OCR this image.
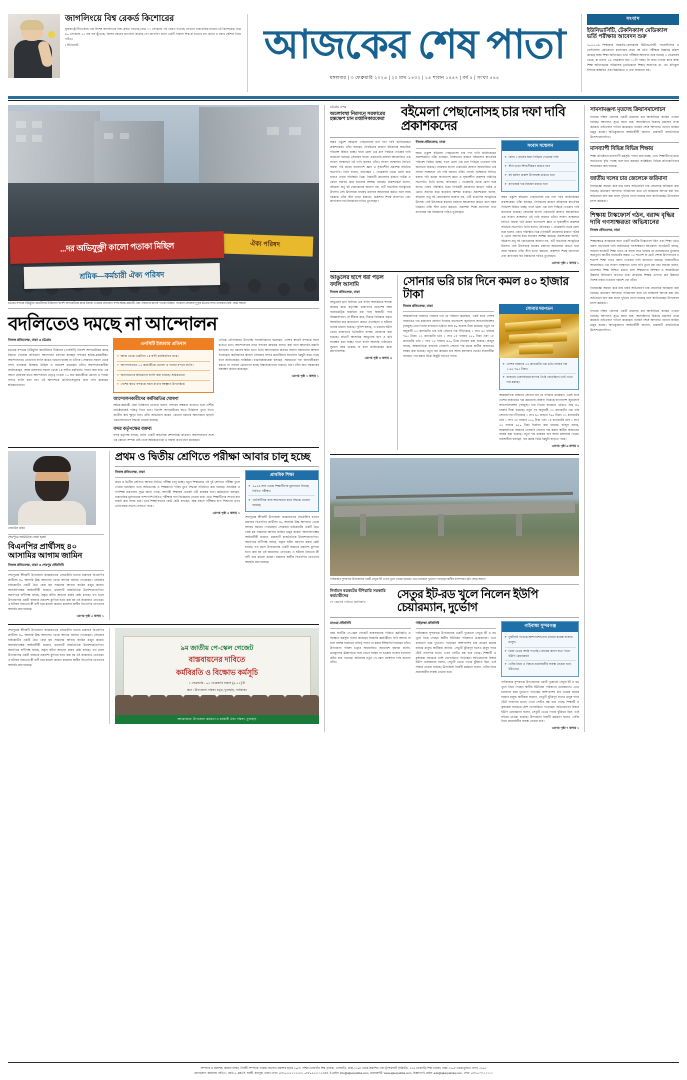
জাগলিংয়ে বিশ্ব রেকর্ড কিশোরের
যুক্তরাষ্ট্রে টিনএজার এক বিশেষ জাগলিংয়ে বিশ্ব রেকর্ড গড়েছে। মাত্র ১১ সেকেন্ডে এই রেকর্ড গড়েছে সেখানে ধারাবাহিক নামের এই কিশোরের। মাত্র ৬০ সেকেন্ডে ৫২ বার বল ছুঁড়েছে, বিশেষ ধরনের জাগলিং করেছে সে। জাগলিং হলো একটি সার্কাস শিল্প যা হাতের বল ছোড়া ও ধরার কৌশল নিয়ে গঠিত।
• ইন্টারনেট	আজকের শেষ পাতা
মঙ্গলবার | ৩ ফেব্রুয়ারি ২০২৬ | ২০ মাঘ ১৪৩২ | ১৪ শাবান ১৪৪৭ | বর্ষ ৫ | সংখ্যা ৫৪৫
সংবাদ
ইউনিভার্সিটি, টেকনিক্যাল মেডিক্যাল ভর্তি পরীক্ষার আবেদন শুরু
২০২৫-২৬ শিক্ষাবর্ষে সরকারি-বেসরকারি ইউনিভার্সিটি, সায়েন্টিফিক ও ডেন্টালসহ মেডিক্যাল কলেজের প্রথম বর্ষ ভর্তি পরীক্ষার বিজ্ঞপ্তি প্রকাশ করেছে স্বাস্থ্য শিক্ষা অধিদপ্তর। ভর্তি পরীক্ষার আবেদন শুরু হয়েছে ২ ফেব্রুয়ারি থেকে, যা চলবে ১৬ ফেব্রুয়ারি রাত ১১টা পর্যন্ত। ফি জমা দেওয়া যাবে স্বাস্থ্য শিক্ষা অধিদপ্তরের পরিচালক (মেডিক্যাল শিক্ষা) অধ্যাপক ডা. মো. রফিকুল ইসলাম স্বাক্ষরিত এক বিজ্ঞপ্তিতে এ তথ্য জানানো হয়।
ঐক্য পরিষদ
...দর অভিযুক্ত্রী কালো পতাকা মিছিল
শ্রমিক—কর্মচারী ঐক্য পরিষদ
চট্টগ্রাম বন্দরের নিউমুরিং কনটেইনার টার্মিনাল বিদেশি অপারেটরের কাছে ইজারা দেওয়ার প্রতিবাদে বন্দর শ্রমিক-কর্মচারী ঐক্য পরিষদের কালো পতাকা মিছিল। গতকাল সোমবার দুপুরে চট্টগ্রাম বন্দর এলাকায়। ছবি: প্রথম আলো
বদলিতেও দমছে না আন্দোলন
নিজস্ব প্রতিবেদক, ঢাকা ও চট্টগ্রাম
চট্টগ্রাম বন্দরের নিউমুরিং কনটেইনার টার্মিনাল (এনসিটি) বিদেশি অপারেটরের কাছে ইজারা দেওয়ার প্রতিবাদে আন্দোলন চালিয়ে যাচ্ছেন বন্দরের শ্রমিক-কর্মচারীরা। আন্দোলনরত নেতাদের বদলি করেও দমানো যাচ্ছে না তাঁদের। সোমবার সকাল থেকে বন্দর এলাকায় বিক্ষোভ মিছিল ও সমাবেশ করেছেন তাঁরা। আন্দোলনকারীরা জানিয়েছেন, আজ মঙ্গলবার সকাল থেকে ২৪ ঘণ্টার কর্মবিরতি পালন করা হবে। এর আগে রোববার রাতে আন্দোলনে নেতৃত্ব দেওয়া ১৫ জন কর্মচারীকে মোংলা ও পায়রা বন্দরে বদলি করা হয়। এই আদেশকে প্রতিহিংসামূলক বলে দাবি করেছেন শ্রমিকনেতারা।
এনসিটি ইজারার প্রতিবাদ
» আজ থেকে একটানা ২৪ ঘণ্টা কর্মবিরতির ডাক।
» আন্দোলনরত ১৫ কর্মচারীকে মোংলা ও পায়রা বন্দরে বদলি।
» অন্যায়ভাবে শ্রমিকদের বদলি করা হয়েছে: শ্রমিকনেতা
» দেশের স্বার্থে বন্দরকে সচল রাখার আহ্বান উপদেষ্টার।
আন্দোলনকারীদের কর্মবিরতির ঘোষণা
শ্রমিক-কর্মচারী ঐক্য পরিষদের নেতারা বলেন, বন্দরের সক্ষমতা বাড়াতে হলে দেশীয় প্রতিষ্ঠানকেই দায়িত্ব দিতে হবে। বিদেশি অপারেটরের হাতে টার্মিনাল তুলে দিলে জাতীয় স্বার্থ ক্ষুণ্ন হবে। তাঁরা অভিযোগ করেন, কোনো ধরনের আলোচনা ছাড়াই একতরফাভাবে সিদ্ধান্ত নেওয়া হয়েছে।
বন্দর কর্তৃপক্ষের বক্তব্য
বন্দর কর্তৃপক্ষ বলছে, বদলি একটি স্বাভাবিক প্রশাসনিক প্রক্রিয়া। আন্দোলনের সঙ্গে এর কোনো সম্পর্ক নেই। তবে শ্রমিকনেতারা এ বক্তব্য প্রত্যাখ্যান করেছেন।
এদিকে নৌপরিবহন উপদেষ্টা সাংবাদিকদের বলেছেন, দেশের স্বার্থেই বন্দরকে সচল রাখতে হবে। আন্দোলনের নামে বন্দরের কার্যক্রম ব্যাহত করা হলে আমদানি-রপ্তানি বাণিজ্যে বড় ধরনের ক্ষতি হবে। তিনি আলোচনার মাধ্যমে সমস্যা সমাধানের আশ্বাস দিয়েছেন। কর্মবিরতির কারণে সোমবার বন্দরে কনটেইনার হ্যান্ডলিং কিছুটা কমে গেছে বলে জানিয়েছেন সংশ্লিষ্টরা। রপ্তানিকারকেরা বলছেন, সময়মতো পণ্য জাহাজীকরণ করতে না পারলে ক্রেতাদের কাছে বিশ্বাসযোগ্যতা হারাতে হবে। তাঁরা দ্রুত সরকারের হস্তক্ষেপ কামনা করেছেন।
এরপর পৃষ্ঠা ২ কলাম ১
রেজাউল করিম
শেরপুরে জামায়াত নেতা হত্যা
বিএনপির প্রার্থীসহ ৪০ আসামির আগাম জামিন
নিজস্ব প্রতিবেদক, ঢাকা ও শেরপুর প্রতিনিধি
শেরপুরের শ্রীবরদী উপজেলা জামায়াতের সেক্রেটারি হত্যার মামলায় বিএনপির প্রার্থীসহ ৪০ আসামি উচ্চ আদালত থেকে আগাম জামিন পেয়েছেন। সোমবার হাইকোর্টের একটি দ্বৈত বেঞ্চ ছয় সপ্তাহের আগাম জামিন মঞ্জুর করেন। আসামিপক্ষের আইনজীবী জানান, মামলাটি রাজনৈতিক উদ্দেশ্যপ্রণোদিত। অন্যদিকে বাদীপক্ষ বলছে, প্রকৃত ঘটনা আড়াল করার চেষ্টা চলছে। গত মাসে উপজেলার একটি বাজারে প্রকাশ্যে কুপিয়ে হত্যা করা হয় ওই জামায়াত নেতাকে। এ ঘটনায় নিহতের স্ত্রী বাদী হয়ে মামলা করেন। মামলায় স্থানীয় বিএনপির নেতাদের আসামি করা হয়েছে।
এরপর পৃষ্ঠা ৫ কলাম ১
প্রথম ও দ্বিতীয় শ্রেণিতে পরীক্ষা আবার চালু হচ্ছে
নিজস্ব প্রতিবেদক, ঢাকা
প্রথম ও দ্বিতীয় শ্রেণিতে আবার লিখিত পরীক্ষা চালু হচ্ছে। নতুন শিক্ষাক্রমে এই দুই শ্রেণিতে পরীক্ষা তুলে দেওয়া হয়েছিল। তবে অভিভাবক ও শিক্ষকদের দাবির মুখে সিদ্ধান্ত পরিবর্তন করা হয়েছে। প্রাথমিক ও গণশিক্ষা মন্ত্রণালয় সূত্রে জানা গেছে, আগামী শিক্ষাবর্ষ থেকেই এটি কার্যকর হবে। কর্মকর্তারা বলছেন, ধারাবাহিক মূল্যায়নের পাশাপাশি লিখিত পরীক্ষার ফল বিবেচনায় নেওয়া হবে। এতে শিক্ষার্থীদের শেখার মান যাচাই করা সহজ হবে। তবে শিক্ষাবিদদের কেউ কেউ বলছেন, অল্প বয়সে পরীক্ষার চাপ শিশুদের ওপর নেতিবাচক প্রভাব ফেলতে পারে।
এরপর পৃষ্ঠা ৩ কলাম ২
প্রাথমিক শিক্ষা
» ২০২৬ সাল থেকে শিক্ষার্থীদের মূল্যায়নে ফিরছে লিখিত পরীক্ষা।
» এনসিটিবির সঙ্গে আলোচনা করে সিদ্ধান্ত নেওয়া হয়েছে।
শেরপুরের শ্রীবরদী উপজেলা জামায়াতের সেক্রেটারি হত্যার মামলায় বিএনপির প্রার্থীসহ ৪০ আসামি উচ্চ আদালত থেকে আগাম জামিন পেয়েছেন। সোমবার হাইকোর্টের একটি দ্বৈত বেঞ্চ ছয় সপ্তাহের আগাম জামিন মঞ্জুর করেন। আসামিপক্ষের আইনজীবী জানান, মামলাটি রাজনৈতিক উদ্দেশ্যপ্রণোদিত। অন্যদিকে বাদীপক্ষ বলছে, প্রকৃত ঘটনা আড়াল করার চেষ্টা চলছে। গত মাসে উপজেলার একটি বাজারে প্রকাশ্যে কুপিয়ে হত্যা করা হয় ওই জামায়াত নেতাকে। এ ঘটনায় নিহতের স্ত্রী বাদী হয়ে মামলা করেন। মামলায় স্থানীয় বিএনপির নেতাদের আসামি করা হয়েছে।
শেরপুরের শ্রীবরদী উপজেলা জামায়াতের সেক্রেটারি হত্যার মামলায় বিএনপির প্রার্থীসহ ৪০ আসামি উচ্চ আদালত থেকে আগাম জামিন পেয়েছেন। সোমবার হাইকোর্টের একটি দ্বৈত বেঞ্চ ছয় সপ্তাহের আগাম জামিন মঞ্জুর করেন। আসামিপক্ষের আইনজীবী জানান, মামলাটি রাজনৈতিক উদ্দেশ্যপ্রণোদিত। অন্যদিকে বাদীপক্ষ বলছে, প্রকৃত ঘটনা আড়াল করার চেষ্টা চলছে। গত মাসে উপজেলার একটি বাজারে প্রকাশ্যে কুপিয়ে হত্যা করা হয় ওই জামায়াত নেতাকে। এ ঘটনায় নিহতের স্ত্রী বাদী হয়ে মামলা করেন। মামলায় স্থানীয় বিএনপির নেতাদের আসামি করা হয়েছে।
৯ম জাতীয় পে-স্কেল গেজেট
বাস্তবায়নের দাবিতে
কর্মবিরতি ও বিক্ষোভ কর্মসূচি
১ ফেব্রুয়ারি - ০৫ ফেব্রুয়ারি সকাল (৯-১২) টা
স্থান : উপজেলা পরিষদ চত্বর, ফুলছড়ি, গাইবান্ধা
আয়োজনে: উপজেলা কর্মকর্তা ও কর্মচারী ঐক্য পরিষদ, ফুলছড়ি
চট্টগ্রাম বন্দর
অচলাবস্থা নিরসনে সরকারের হস্তক্ষেপ চান রপ্তানিকারকেরা
বইমেলা পেছানোসহ চার দফা দাবি প্রকাশকদের
অমর একুশে বইমেলা পেছানোসহ চার দফা দাবি জানিয়েছেন প্রকাশকেরা। তাঁরা বলছেন, নির্বাচনের কারণে বইমেলার স্বাভাবিক পরিবেশ বিঘ্নিত হচ্ছে। ফলে মেলা এক মাস পিছিয়ে দেওয়ার দাবি জানানো হয়েছে। সোমবার বাংলা একাডেমি প্রাঙ্গণে আয়োজিত এক সংবাদ সম্মেলনে এই দাবি জানান তাঁরা। সংবাদ সম্মেলনে লিখিত বক্তব্য পাঠ করেন বাংলাদেশ জ্ঞান ও সৃজনশীল প্রকাশক সমিতির সভাপতি। তিনি বলেন, প্রতিবছর ১ ফেব্রুয়ারি থেকে মেলা শুরু হলেও এবার পরিস্থিতি ভিন্ন। নির্বাচনী প্রচারণার কারণে পাঠক ও ক্রেতা সমাগম কমে যাওয়ার আশঙ্কা রয়েছে। প্রকাশকেরা বলেন, বইমেলা শুধু বই বেচাকেনার জায়গা নয়, এটি বাঙালির সাংস্কৃতিক উৎসব। সেই উৎসবকে যথাযথ মর্যাদায় আয়োজন করতে হলে সময় দরকার। তাঁরা স্টল ভাড়া কমানো, প্রকাশনা শিল্পে প্রণোদনা এবং কাগজের দাম নিয়ন্ত্রণের দাবিও তুলেছেন।
নিজস্ব প্রতিবেদক, ঢাকা
অমর একুশে বইমেলা পেছানোসহ চার দফা দাবি জানিয়েছেন প্রকাশকেরা। তাঁরা বলছেন, নির্বাচনের কারণে বইমেলার স্বাভাবিক পরিবেশ বিঘ্নিত হচ্ছে। ফলে মেলা এক মাস পিছিয়ে দেওয়ার দাবি জানানো হয়েছে। সোমবার বাংলা একাডেমি প্রাঙ্গণে আয়োজিত এক সংবাদ সম্মেলনে এই দাবি জানান তাঁরা। সংবাদ সম্মেলনে লিখিত বক্তব্য পাঠ করেন বাংলাদেশ জ্ঞান ও সৃজনশীল প্রকাশক সমিতির সভাপতি। তিনি বলেন, প্রতিবছর ১ ফেব্রুয়ারি থেকে মেলা শুরু হলেও এবার পরিস্থিতি ভিন্ন। নির্বাচনী প্রচারণার কারণে পাঠক ও ক্রেতা সমাগম কমে যাওয়ার আশঙ্কা রয়েছে। প্রকাশকেরা বলেন, বইমেলা শুধু বই বেচাকেনার জায়গা নয়, এটি বাঙালির সাংস্কৃতিক উৎসব। সেই উৎসবকে যথাযথ মর্যাদায় আয়োজন করতে হলে সময় দরকার। তাঁরা স্টল ভাড়া কমানো, প্রকাশনা শিল্পে প্রণোদনা এবং কাগজের দাম নিয়ন্ত্রণের দাবিও তুলেছেন।
সংবাদ সম্মেলন
» মেলা ১ মাসের জন্য পিছিয়ে দেওয়ার দাবি
» স্টল ভাড়া শিথিলীকরণ করতে হবে
» বই জরিপ প্রকাশ উপলক্ষে থাকতে হবে
» কাগজের দাম নিয়ন্ত্রণ করতে হবে
অমর একুশে বইমেলা পেছানোসহ চার দফা দাবি জানিয়েছেন প্রকাশকেরা। তাঁরা বলছেন, নির্বাচনের কারণে বইমেলার স্বাভাবিক পরিবেশ বিঘ্নিত হচ্ছে। ফলে মেলা এক মাস পিছিয়ে দেওয়ার দাবি জানানো হয়েছে। সোমবার বাংলা একাডেমি প্রাঙ্গণে আয়োজিত এক সংবাদ সম্মেলনে এই দাবি জানান তাঁরা। সংবাদ সম্মেলনে লিখিত বক্তব্য পাঠ করেন বাংলাদেশ জ্ঞান ও সৃজনশীল প্রকাশক সমিতির সভাপতি। তিনি বলেন, প্রতিবছর ১ ফেব্রুয়ারি থেকে মেলা শুরু হলেও এবার পরিস্থিতি ভিন্ন। নির্বাচনী প্রচারণার কারণে পাঠক ও ক্রেতা সমাগম কমে যাওয়ার আশঙ্কা রয়েছে। প্রকাশকেরা বলেন, বইমেলা শুধু বই বেচাকেনার জায়গা নয়, এটি বাঙালির সাংস্কৃতিক উৎসব। সেই উৎসবকে যথাযথ মর্যাদায় আয়োজন করতে হলে সময় দরকার। তাঁরা স্টল ভাড়া কমানো, প্রকাশনা শিল্পে প্রণোদনা এবং কাগজের দাম নিয়ন্ত্রণের দাবিও তুলেছেন।
এরপর পৃষ্ঠা ২ কলাম ১
আঙুলের ছাপে ধরা পড়ল বদলি আসামি
নিজস্ব প্রতিবেদক, ঢাকা
আঙুলের ছাপ মিলিয়ে এক বদলি আসামিকে শনাক্ত করেছে কারা কর্তৃপক্ষ। কারাগারে প্রবেশের সময় বায়োমেট্রিক যাচাইয়ে ধরা পড়ে বিষয়টি। পরে জিজ্ঞাসাবাদে সে স্বীকার করে, টাকার বিনিময়ে প্রকৃত আসামির হয়ে কারাভোগ করতে এসেছিল। এ ঘটনায় থানায় মামলা হয়েছে। পুলিশ বলছে, এ ধরনের ঘটনা রোধে কারাগারে ডিজিটাল ব্যবস্থা জোরদার করা হয়েছে। প্রতিটি আসামির আঙুলের ছাপ ও ছবি সংরক্ষণ করা হচ্ছে। ফলে বদলি আসামি পাঠানোর সুযোগ আর থাকছে না বলে জানিয়েছেন কারা মহাপরিদর্শক।
এরপর পৃষ্ঠা ৪ কলাম ৩
সোনার ভরি চার দিনে কমল ৪০ হাজার টাকা
নিজস্ব প্রতিবেদক, ঢাকা
আন্তর্জাতিক বাজারে সোনার দাম যে পরিমাণ কমেছিল, একই হারে দেশের বাজারেও দাম কমানোর ঘোষণা দিয়েছে বাংলাদেশ জুয়েলার্স অ্যাসোসিয়েশন (বাজুস)। চার দিনের ব্যবধানে ভরিতে প্রায় ৪০ হাজার টাকা কমেছে। নতুন দর অনুযায়ী ২২ ক্যারেটের এক ভরি সোনার দাম দাঁড়িয়েছে ১ লাখ ৬৫ হাজার ৭৯৫ টাকা। ২১ ক্যারেটের ভরি ১ লাখ ৫৮ হাজার ২৫০ টাকা এবং ১৮ ক্যারেটের ভরি ১ লাখ ৩৫ হাজার ৬৫০ টাকা নির্ধারণ করা হয়েছে। বাজুস বলছে, আন্তর্জাতিক বাজারে তেজাবি সোনার দাম কমায় স্থানীয় বাজারেও সমন্বয় করা হয়েছে। নতুন দাম কার্যকর হবে আজ মঙ্গলবার থেকে। ব্যবসায়ীরা বলছেন, দাম কমায় বিক্রি কিছুটা বাড়তে পারে।
সোনার দরপতন
» দেশের বাজারে ২২ ক্যারেটের এক ভরি সোনার দাম ১,৬৫,৭৯৫ টাকা।
» বাজারে একপর্যায়ের ব্যাপক তৈরি বেড়েছিল। তাই এখন দাম কমছে।
আন্তর্জাতিক বাজারে সোনার দাম যে পরিমাণ কমেছিল, একই হারে দেশের বাজারেও দাম কমানোর ঘোষণা দিয়েছে বাংলাদেশ জুয়েলার্স অ্যাসোসিয়েশন (বাজুস)। চার দিনের ব্যবধানে ভরিতে প্রায় ৪০ হাজার টাকা কমেছে। নতুন দর অনুযায়ী ২২ ক্যারেটের এক ভরি সোনার দাম দাঁড়িয়েছে ১ লাখ ৬৫ হাজার ৭৯৫ টাকা। ২১ ক্যারেটের ভরি ১ লাখ ৫৮ হাজার ২৫০ টাকা এবং ১৮ ক্যারেটের ভরি ১ লাখ ৩৫ হাজার ৬৫০ টাকা নির্ধারণ করা হয়েছে। বাজুস বলছে, আন্তর্জাতিক বাজারে তেজাবি সোনার দাম কমায় স্থানীয় বাজারেও সমন্বয় করা হয়েছে। নতুন দাম কার্যকর হবে আজ মঙ্গলবার থেকে। ব্যবসায়ীরা বলছেন, দাম কমায় বিক্রি কিছুটা বাড়তে পারে।
এরপর পৃষ্ঠা ৬ কলাম ৪
গাইবান্ধার সুন্দরগঞ্জ উপজেলার একটি সেতুর ইট ও রড খুলে নেওয়া হয়েছে। এতে চলাচলে দুর্ভোগে পড়েছেন স্থানীয় বাসিন্দারা। ছবি: প্রথম আলো
নির্বাচন বয়কটের হুঁশিয়ারি সরকারি কর্মচারীদের
পে স্কেলের দাবিতে কর্মবিরতি
সেতুর ইট-রড খুলে নিলেন ইউপি চেয়ারম্যান, দুর্ভোগ
মাগুরা প্রতিনিধি
নবম জাতীয় পে-স্কেল গেজেট বাস্তবায়নের দাবিতে কর্মবিরতি ও বিক্ষোভ কর্মসূচি পালন করেছেন সরকারি কর্মচারীরা। দাবি আদায় না হলে আসন্ন নির্বাচনে দায়িত্ব পালন না করার হুঁশিয়ারি দিয়েছেন তাঁরা। উপজেলা পরিষদ চত্বরে আয়োজিত সমাবেশে বক্তারা বলেন, দ্রব্যমূল্যের ঊর্ধ্বগতির সঙ্গে বেতন সমন্বয় না হওয়ায় সংসার চালানো কঠিন হয়ে পড়েছে। অবিলম্বে নতুন পে-স্কেল ঘোষণার দাবি জানান তাঁরা।
গাইবান্ধা প্রতিনিধি
গাইবান্ধার সুন্দরগঞ্জ উপজেলায় একটি পুরোনো সেতুর ইট ও রড খুলে নিয়ে গেছেন স্থানীয় ইউনিয়ন পরিষদের চেয়ারম্যান। এতে চলাচলে চরম দুর্ভোগে পড়েছেন আশপাশের চার গ্রামের কয়েক হাজার মানুষ। স্থানীয়রা জানান, সেতুটি ঝুঁকিপূর্ণ হলেও মানুষ পায়ে হেঁটে পারাপার হতো। এখন সেটিও বন্ধ হয়ে গেছে। শিক্ষার্থী ও কৃষকেরা সবচেয়ে বেশি ভোগান্তিতে পড়েছেন। অভিযোগের বিষয়ে ইউপি চেয়ারম্যান বলেন, সেতুটি ভেঙে পড়ার ঝুঁকিতে ছিল, তাই সরিয়ে নেওয়া হয়েছে। উপজেলা নির্বাহী কর্মকর্তা বলেন, খোঁজ নিয়ে প্রয়োজনীয় ব্যবস্থা নেওয়া হবে।
গাইবান্ধা সুন্দরগঞ্জ
» দুর্ঘটনাই পড়েছে আশপাশের চার গ্রামের কয়েক হাজার মানুষ।
» ব্রিজ ভেঙে আমি পড়েছি। ঘোরের কারণ হতে পারে: ইউপি চেয়ারম্যান
» খোঁজ নিয়ে এ বিষয়ে প্রয়োজনীয় ব্যবস্থা নেওয়া হবে: ইউএনও
গাইবান্ধার সুন্দরগঞ্জ উপজেলায় একটি পুরোনো সেতুর ইট ও রড খুলে নিয়ে গেছেন স্থানীয় ইউনিয়ন পরিষদের চেয়ারম্যান। এতে চলাচলে চরম দুর্ভোগে পড়েছেন আশপাশের চার গ্রামের কয়েক হাজার মানুষ। স্থানীয়রা জানান, সেতুটি ঝুঁকিপূর্ণ হলেও মানুষ পায়ে হেঁটে পারাপার হতো। এখন সেটিও বন্ধ হয়ে গেছে। শিক্ষার্থী ও কৃষকেরা সবচেয়ে বেশি ভোগান্তিতে পড়েছেন। অভিযোগের বিষয়ে ইউপি চেয়ারম্যান বলেন, সেতুটি ভেঙে পড়ার ঝুঁকিতে ছিল, তাই সরিয়ে নেওয়া হয়েছে। উপজেলা নির্বাহী কর্মকর্তা বলেন, খোঁজ নিয়ে প্রয়োজনীয় ব্যবস্থা নেওয়া হবে।
এরপর পৃষ্ঠা ৭ কলাম ২
সামসামঞ্জস্য মৃতদেহ ক্রিয়াসমালোচন
নগরের দক্ষিণ জেলায় একটি মামলায় চার আসামিকে জামিন দেওয়া হয়েছে। আদালত সূত্রে জানা যায়, আসামিদের বিরুদ্ধে মামলার তদন্ত কর্মকর্তা প্রতিবেদন দাখিল করেছেন। শুনানি শেষে আদালত তাদের জামিন মঞ্জুর করেন। অভিযুক্তদের আইনজীবী জানান, মামলাটি রাজনৈতিক উদ্দেশ্যপ্রণোদিত।
মাসব্যাপী বিভিন্ন বিভিন্ন শিক্ষায়
শিক্ষা প্রতিষ্ঠানে মাসব্যাপী কর্মসূচি পালন করা হচ্ছে। এতে শিক্ষার্থীদের মধ্যে সচেতনতা বৃদ্ধি পাচ্ছে বলে মনে করছেন সংশ্লিষ্টরা। বিভিন্ন প্রতিযোগিতার আয়োজন করা হয়েছে।
জাতীয় দলের চার জেলেকে জরিমানা
নিষেধাজ্ঞা অমান্য করে মাছ ধরার অভিযোগে চার জেলেকে জরিমানা করা হয়েছে। ভ্রাম্যমাণ আদালত পরিচালনা করে এই জরিমানা আদায় করা হয়। অভিযানে জব্দ করা জাল পুড়িয়ে ফেলা হয়েছে বলে জানিয়েছেন উপজেলা মৎস্য কর্মকর্তা।
শিক্ষায় টাস্কফোর্স গঠন, বরাদ্দ বৃদ্ধির দাবি গণসাক্ষরতা অভিযানের
নিজস্ব প্রতিবেদক, ঢাকা
শিক্ষাক্ষেত্রে সংস্কারের জন্য একটি জাতীয় টাস্কফোর্স গঠন এবং শিক্ষা খাতে বরাদ্দ বাড়ানোর দাবি জানিয়েছে গণসাক্ষরতা অভিযান। সংগঠনটি বলছে, বর্তমান বাজেটে শিক্ষা খাতে যে বরাদ্দ রাখা হয়েছে তা প্রয়োজনের তুলনায় অপ্রতুল। জাতীয় বাজেটের অন্তত ১৫ শতাংশ বা মোট দেশজ উৎপাদনের ৪ শতাংশ শিক্ষা খাতে বরাদ্দ দেওয়ার দাবি জানানো হয়েছে। রাজধানীতে আয়োজিত এক সংবাদ সম্মেলনে এসব দাবি তুলে ধরা হয়। বক্তারা বলেন, মানসম্মত শিক্ষা নিশ্চিত করতে হলে শিক্ষকদের প্রশিক্ষণ ও অবকাঠামো উন্নয়নে বিনিয়োগ বাড়াতে হবে। প্রাথমিক শিক্ষার গুণগত মান উন্নয়নে বিশেষ নজর দেওয়ার পরামর্শ দেন তাঁরা।
নিষেধাজ্ঞা অমান্য করে মাছ ধরার অভিযোগে চার জেলেকে জরিমানা করা হয়েছে। ভ্রাম্যমাণ আদালত পরিচালনা করে এই জরিমানা আদায় করা হয়। অভিযানে জব্দ করা জাল পুড়িয়ে ফেলা হয়েছে বলে জানিয়েছেন উপজেলা মৎস্য কর্মকর্তা।
নগরের দক্ষিণ জেলায় একটি মামলায় চার আসামিকে জামিন দেওয়া হয়েছে। আদালত সূত্রে জানা যায়, আসামিদের বিরুদ্ধে মামলার তদন্ত কর্মকর্তা প্রতিবেদন দাখিল করেছেন। শুনানি শেষে আদালত তাদের জামিন মঞ্জুর করেন। অভিযুক্তদের আইনজীবী জানান, মামলাটি রাজনৈতিক উদ্দেশ্যপ্রণোদিত।
সম্পাদক ও প্রকাশক: কাজল হাসান, নির্বাহী সম্পাদক: ফারুক হোসেন। প্রকাশক কর্তৃক ৩০/এ, পশ্চিম তেজগাঁও শিল্প এলাকা, তেজগাঁও, ঢাকা-১২০৮ থেকে প্রকাশিত এবং ট্রান্সক্রাফট লিমিটেড, ২২৯ তেজগাঁও শিল্প এলাকা, ঢাকা-১২০৮ থেকে মুদ্রিত। ফোন: ৫৫০৩
যোগাযোগ: কার্যালয়: বাড়ি-৮, রোড-২, ব্লক-সি, বনশ্রী, রামপুরা, ঢাকা। ফোন: +৮৮০২৫৫১১২২৩৩, +৮৮০২৫৫১১২২৪৪, ই-মেইল: info@ajkerpatrika.com, ওয়েবসাইট: www.ajkerpatrika.com, বিজ্ঞাপন ই-মেইল: ads@ajkerpatrika.com, ফোন: +৮৮০১৭১১১১১১
